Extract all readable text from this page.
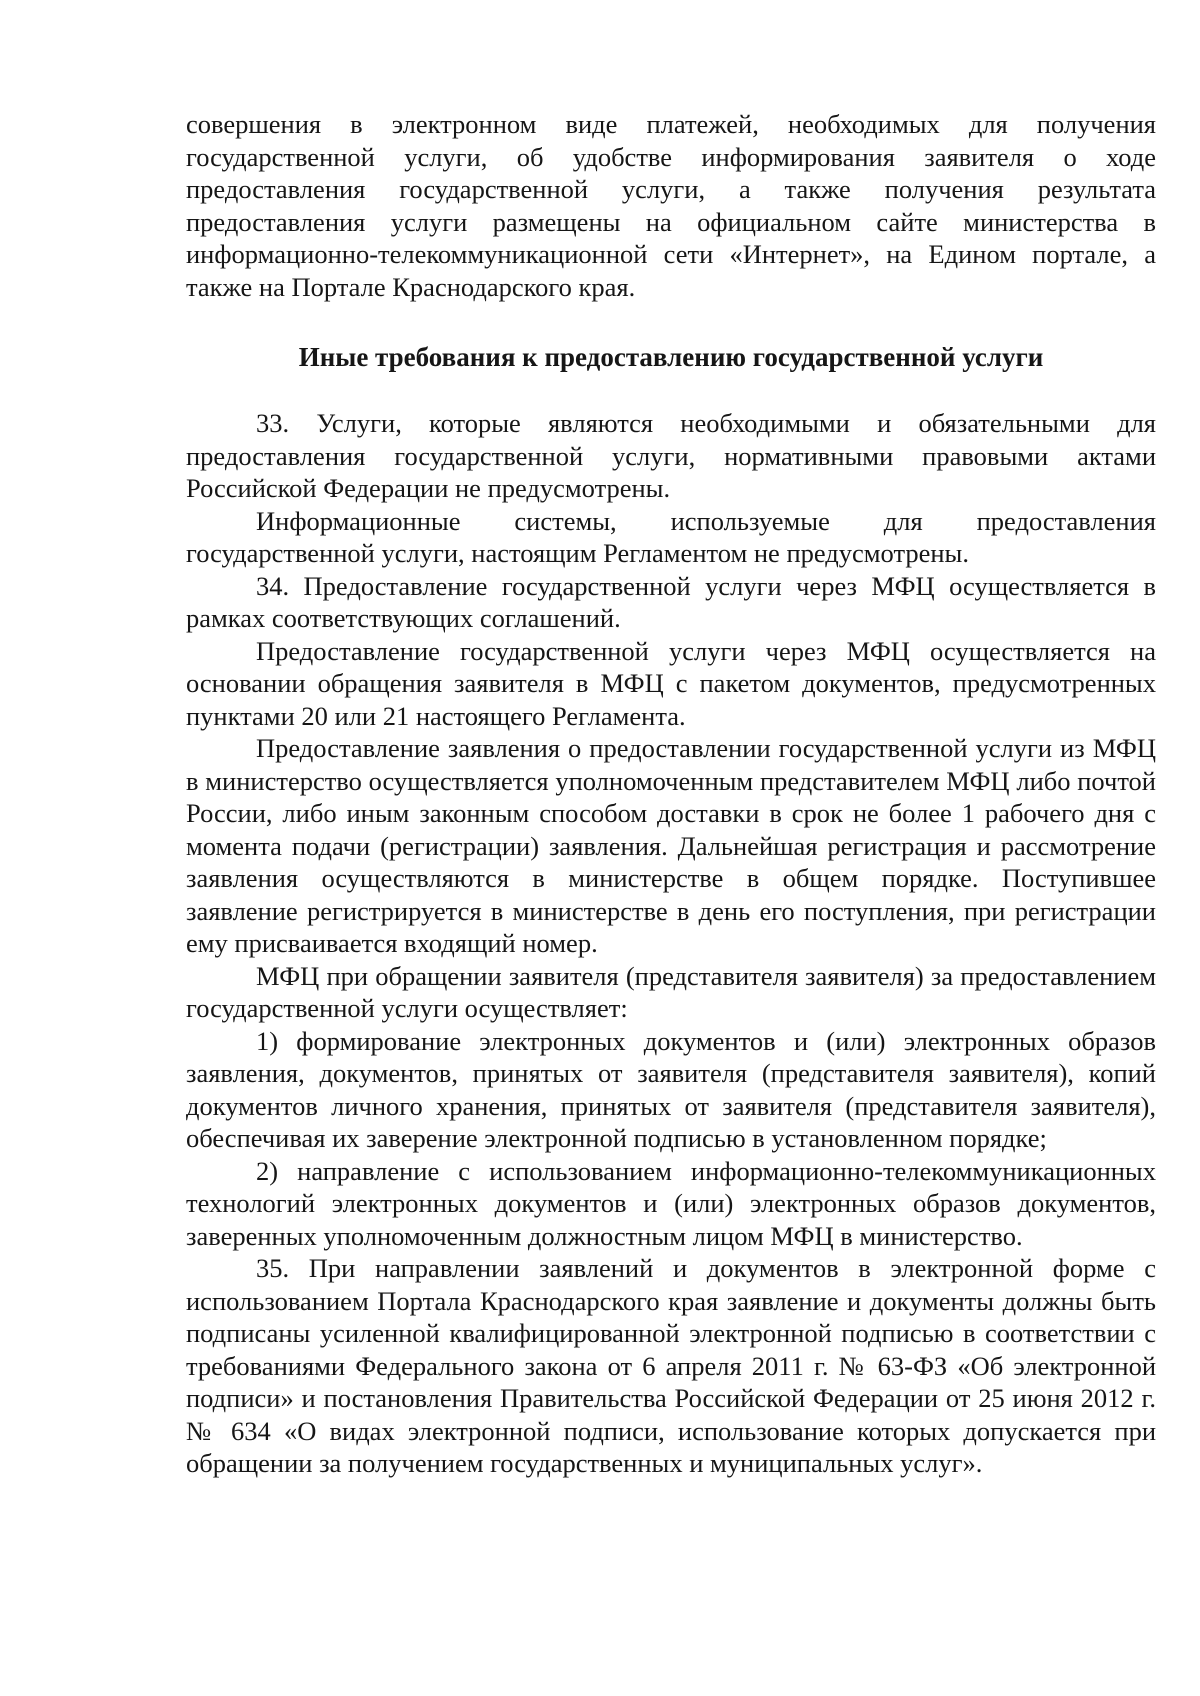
совершения в электронном виде платежей, необходимых для получения государственной услуги, об удобстве информирования заявителя о ходе предоставления государственной услуги, а также получения результата предоставления услуги размещены на официальном сайте министерства в информационно-телекоммуникационной сети «Интернет», на Едином портале, а также на Портале Краснодарского края.

Иные требования к предоставлению государственной услуги

33. Услуги, которые являются необходимыми и обязательными для предоставления государственной услуги, нормативными правовыми актами Российской Федерации не предусмотрены.

Информационные системы, используемые для предоставления государственной услуги, настоящим Регламентом не предусмотрены.

34. Предоставление государственной услуги через МФЦ осуществляется в рамках соответствующих соглашений.

Предоставление государственной услуги через МФЦ осуществляется на основании обращения заявителя в МФЦ с пакетом документов, предусмотренных пунктами 20 или 21 настоящего Регламента.

Предоставление заявления о предоставлении государственной услуги из МФЦ в министерство осуществляется уполномоченным представителем МФЦ либо почтой России, либо иным законным способом доставки в срок не более 1 рабочего дня с момента подачи (регистрации) заявления. Дальнейшая регистрация и рассмотрение заявления осуществляются в министерстве в общем порядке. Поступившее заявление регистрируется в министерстве в день его поступления, при регистрации ему присваивается входящий номер.

МФЦ при обращении заявителя (представителя заявителя) за предоставлением государственной услуги осуществляет:

1) формирование электронных документов и (или) электронных образов заявления, документов, принятых от заявителя (представителя заявителя), копий документов личного хранения, принятых от заявителя (представителя заявителя), обеспечивая их заверение электронной подписью в установленном порядке;

2) направление с использованием информационно-телекоммуникационных технологий электронных документов и (или) электронных образов документов, заверенных уполномоченным должностным лицом МФЦ в министерство.

35. При направлении заявлений и документов в электронной форме с использованием Портала Краснодарского края заявление и документы должны быть подписаны усиленной квалифицированной электронной подписью в соответствии с требованиями Федерального закона от 6 апреля 2011 г. № 63-ФЗ «Об электронной подписи» и постановления Правительства Российской Федерации от 25 июня 2012 г. № 634 «О видах электронной подписи, использование которых допускается при обращении за получением государственных и муниципальных услуг».
